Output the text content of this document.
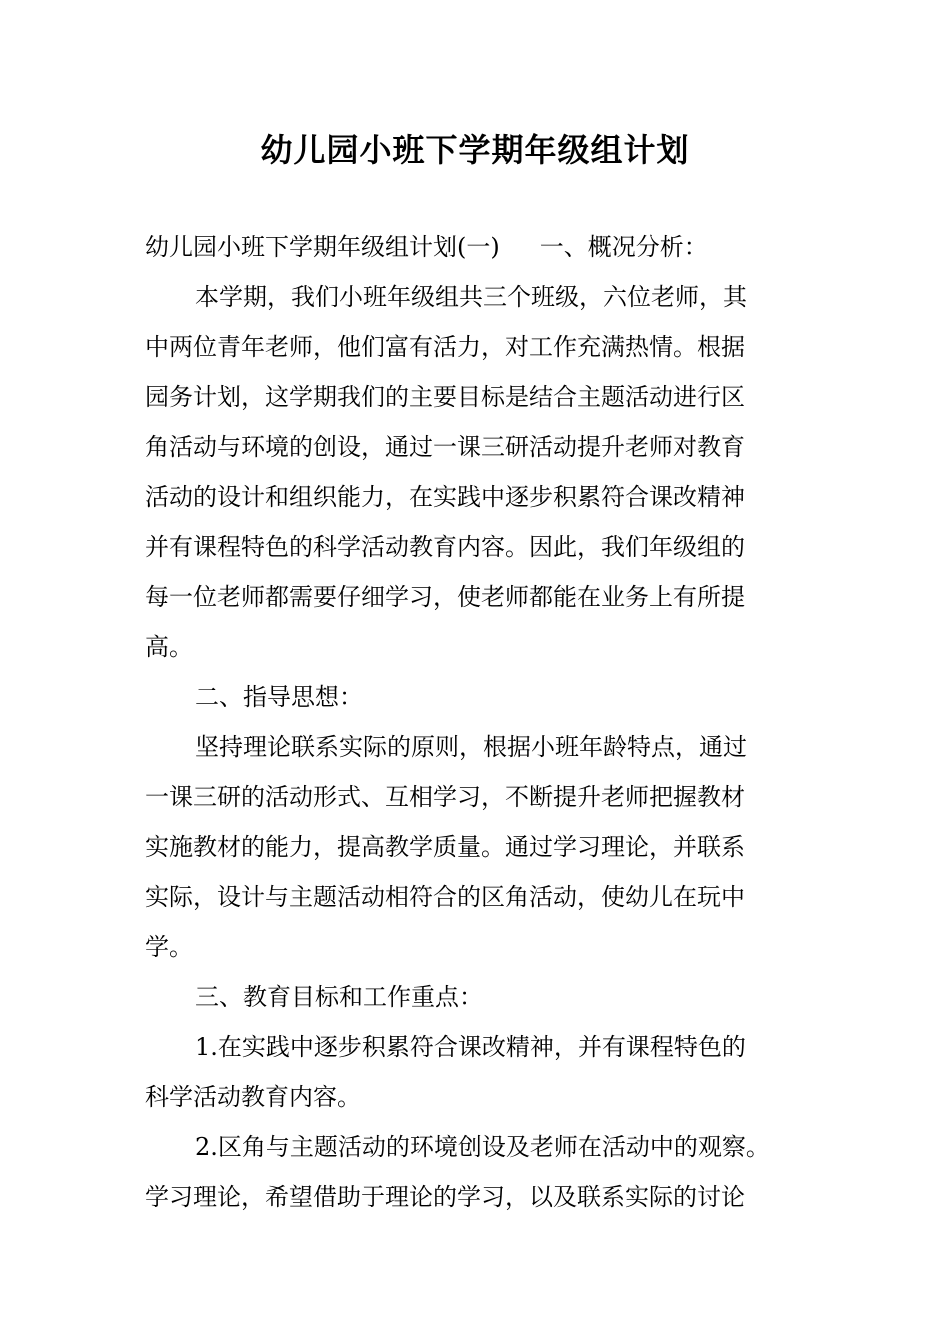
幼儿园小班下学期年级组计划
幼儿园小班下学期年级组计划(一) 一、概况分析：
本学期，我们小班年级组共三个班级，六位老师，其
中两位青年老师，他们富有活力，对工作充满热情。根据
园务计划，这学期我们的主要目标是结合主题活动进行区
角活动与环境的创设，通过一课三研活动提升老师对教育
活动的设计和组织能力，在实践中逐步积累符合课改精神
并有课程特色的科学活动教育内容。因此，我们年级组的
每一位老师都需要仔细学习，使老师都能在业务上有所提
高。
二、指导思想：
坚持理论联系实际的原则，根据小班年龄特点，通过
一课三研的活动形式、互相学习，不断提升老师把握教材
实施教材的能力，提高教学质量。通过学习理论，并联系
实际，设计与主题活动相符合的区角活动，使幼儿在玩中
学。
三、教育目标和工作重点：
1.在实践中逐步积累符合课改精神，并有课程特色的
科学活动教育内容。
2.区角与主题活动的环境创设及老师在活动中的观察。
学习理论，希望借助于理论的学习，以及联系实际的讨论
